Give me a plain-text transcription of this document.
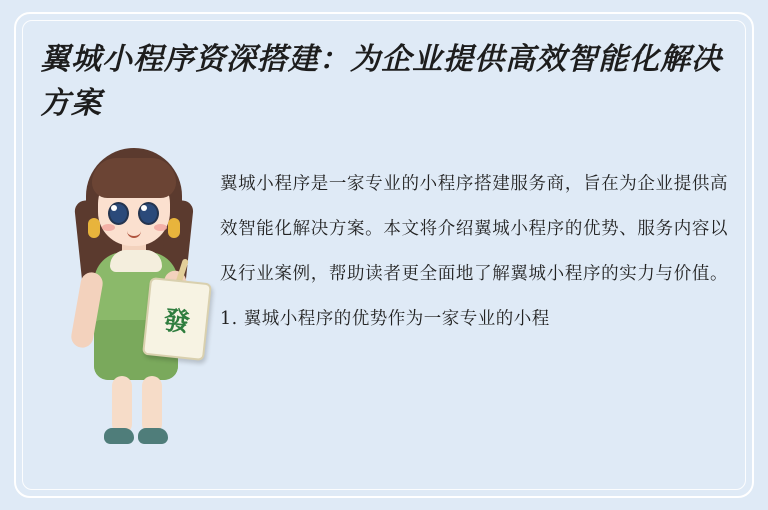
翼城小程序资深搭建：为企业提供高效智能化解决方案
發

翼城小程序是一家专业的小程序搭建服务商，旨在为企业提供高效智能化解决方案。本文将介绍翼城小程序的优势、服务内容以及行业案例，帮助读者更全面地了解翼城小程序的实力与价值。1. 翼城小程序的优势作为一家专业的小程
